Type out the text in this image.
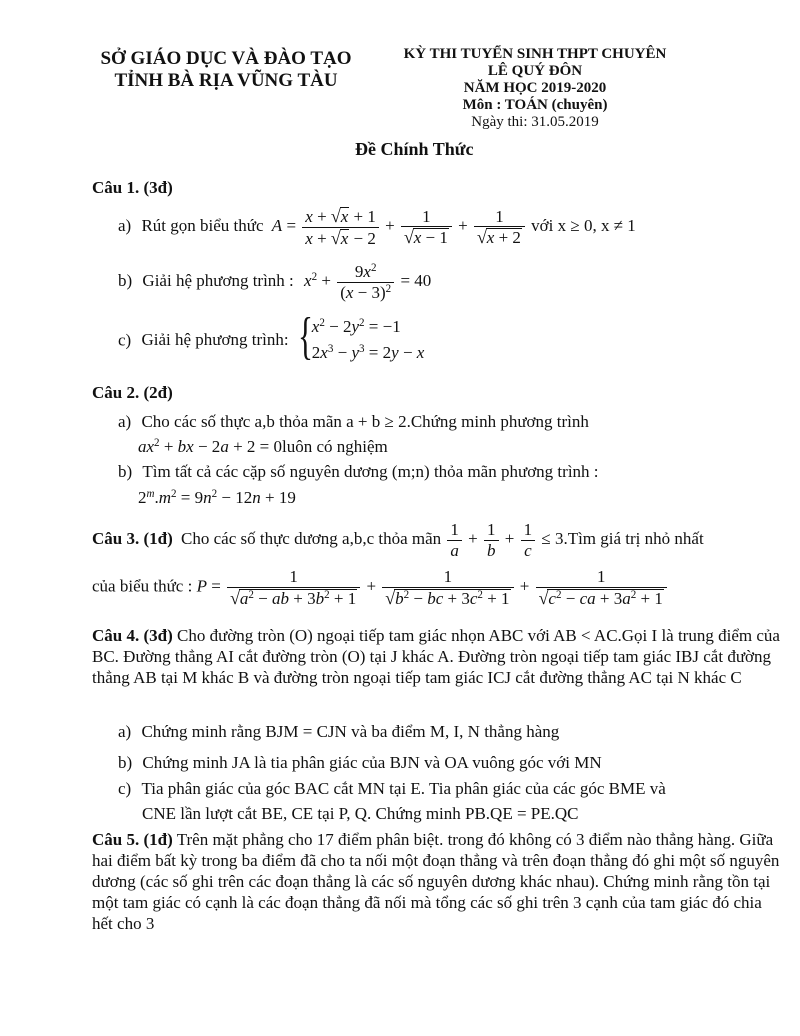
SỞ GIÁO DỤC VÀ ĐÀO TẠO
TỈNH BÀ RỊA VŨNG TÀU
KỲ THI TUYỂN SINH THPT CHUYÊN
LÊ QUÝ ĐÔN
NĂM HỌC 2019-2020
Môn : TOÁN (chuyên)
Ngày thi: 31.05.2019
Đề Chính Thức
Câu 1. (3đ)
a) Rút gọn biểu thức $A = \frac{x + √x + 1}{x + √x - 2} + \frac{1}{√x - 1} + \frac{1}{√x + 2}$ với x ≥ 0, x ≠ 1
b) Giải hệ phương trình : $x^2 + \frac{9x^2}{(x - 3)^2} = 40$
c) Giải hệ phương trình: {
$x^2 - 2y^2 = -1$
$2x^3 - y^3 = 2y - x$
Câu 2. (2đ)
a) Cho các số thực a,b thỏa mãn a + b ≥ 2.Chứng minh phương trình
$ax^2$ + bx − 2a + 2 = 0luôn có nghiệm
b) Tìm tất cả các cặp số nguyên dương (m;n) thỏa mãn phương trình :
$2^m.m^2 = 9n^2 - 12n + 19$
Câu 3. (1đ) Cho các số thực dương a,b,c thỏa mãn $\frac{1}{a} + \frac{1}{b} + \frac{1}{c}$ ≤ 3.Tìm giá trị nhỏ nhất
của biểu thức : $P = \frac{1}{√a^2 - ab + 3b^2 + 1} + \frac{1}{√b^2 - bc + 3c^2 + 1} + \frac{1}{√c^2 - ca + 3a^2 + 1}$
Câu 4. (3đ) Cho đường tròn (O) ngoại tiếp tam giác nhọn ABC với AB < AC.Gọi I là trung điểm của BC. Đường thẳng AI cắt đường tròn (O) tại J khác A. Đường tròn ngoại tiếp tam giác IBJ cắt đường thẳng AB tại M khác B và đường tròn ngoại tiếp tam giác ICJ cắt đường thẳng AC tại N khác C
a) Chứng minh rằng BJM = CJN và ba điểm M, I, N thẳng hàng
b) Chứng minh JA là tia phân giác của BJN và OA vuông góc với MN
c) Tia phân giác của góc BAC cắt MN tại E. Tia phân giác của các góc BME và
CNE lần lượt cắt BE, CE tại P, Q. Chứng minh PB.QE = PE.QC
Câu 5. (1đ) Trên mặt phẳng cho 17 điểm phân biệt. trong đó không có 3 điểm nào thẳng hàng. Giữa hai điểm bất kỳ trong ba điểm đã cho ta nối một đoạn thẳng và trên đoạn thẳng đó ghi một số nguyên dương (các số ghi trên các đoạn thẳng là các số nguyên dương khác nhau). Chứng minh rằng tồn tại một tam giác có cạnh là các đoạn thẳng đã nối mà tổng các số ghi trên 3 cạnh của tam giác đó chia hết cho 3
